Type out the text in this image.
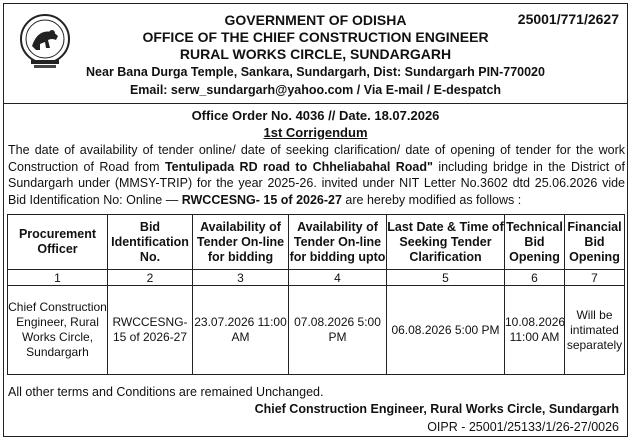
25001/771/2627
GOVERNMENT OF ODISHA
OFFICE OF THE CHIEF CONSTRUCTION ENGINEER
RURAL WORKS CIRCLE, SUNDARGARH
Near Bana Durga Temple, Sankara, Sundargarh, Dist: Sundargarh PIN-770020
Email: serw_sundargarh@yahoo.com / Via E-mail / E-despatch
Office Order No. 4036 // Date. 18.07.2026
1st Corrigendum
The date of availability of tender online/ date of seeking clarification/ date of opening of tender for the work Construction of Road from Tentulipada RD road to Chheliabahal Road" including bridge in the District of Sundargarh under (MMSY-TRIP) for the year 2025-26. invited under NIT Letter No.3602 dtd 25.06.2026 vide Bid Identification No: Online — RWCCESNG- 15 of 2026-27 are hereby modified as follows :
Procurement Officer	Bid Identification No.	Availability of Tender On-line for bidding	Availability of Tender On-line for bidding upto	Last Date & Time of Seeking Tender Clarification	Technical Bid Opening	Financial Bid Opening
1	2	3	4	5	6	7
Chief Construction Engineer, Rural Works Circle, Sundargarh	RWCCESNG-15 of 2026-27	23.07.2026 11:00 AM	07.08.2026 5:00 PM	06.08.2026 5:00 PM	10.08.2026 11:00 AM	Will be intimated separately
All other terms and Conditions are remained Unchanged.
Chief Construction Engineer, Rural Works Circle, Sundargarh
OIPR - 25001/25133/1/26-27/0026
